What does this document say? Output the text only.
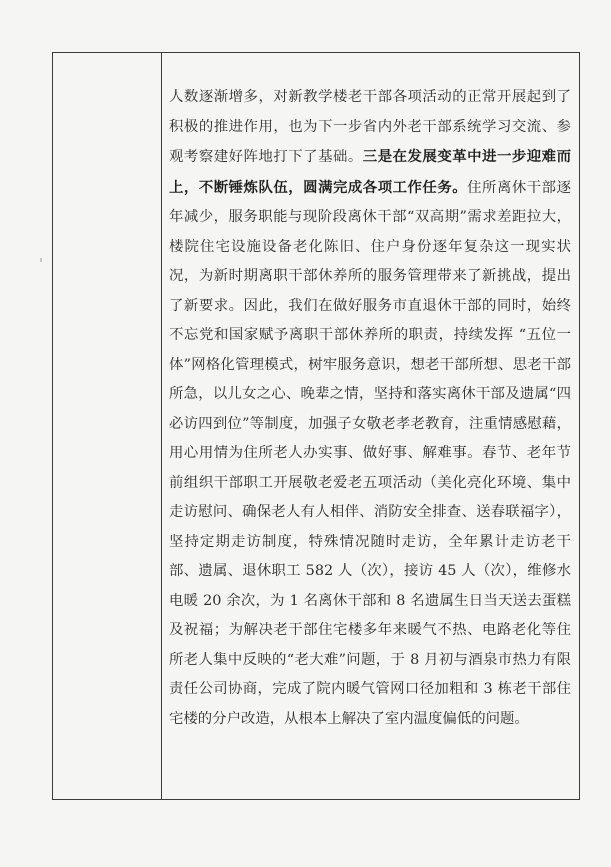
人数逐渐增多，对新教学楼老干部各项活动的正常开展起到了积极的推进作用，也为下一步省内外老干部系统学习交流、参观考察建好阵地打下了基础。三是在发展变革中进一步迎难而上，不断锤炼队伍，圆满完成各项工作任务。住所离休干部逐年减少，服务职能与现阶段离休干部“双高期”需求差距拉大，楼院住宅设施设备老化陈旧、住户身份逐年复杂这一现实状况，为新时期离职干部休养所的服务管理带来了新挑战，提出了新要求。因此，我们在做好服务市直退休干部的同时，始终不忘党和国家赋予离职干部休养所的职责，持续发挥 “五位一体”网格化管理模式，树牢服务意识，想老干部所想、思老干部所急，以儿女之心、晚辈之情，坚持和落实离休干部及遗属“四必访四到位”等制度，加强子女敬老孝老教育，注重情感慰藉，用心用情为住所老人办实事、做好事、解难事。春节、老年节前组织干部职工开展敬老爱老五项活动（美化亮化环境、集中走访慰问、确保老人有人相伴、消防安全排查、送春联福字），坚持定期走访制度，特殊情况随时走访，全年累计走访老干部、遗属、退休职工 582 人（次），接访 45 人（次），维修水电暖 20 余次，为 1 名离休干部和 8 名遗属生日当天送去蛋糕及祝福；为解决老干部住宅楼多年来暖气不热、电路老化等住所老人集中反映的“老大难”问题，于 8 月初与酒泉市热力有限责任公司协商，完成了院内暖气管网口径加粗和 3 栋老干部住宅楼的分户改造，从根本上解决了室内温度偏低的问题。
